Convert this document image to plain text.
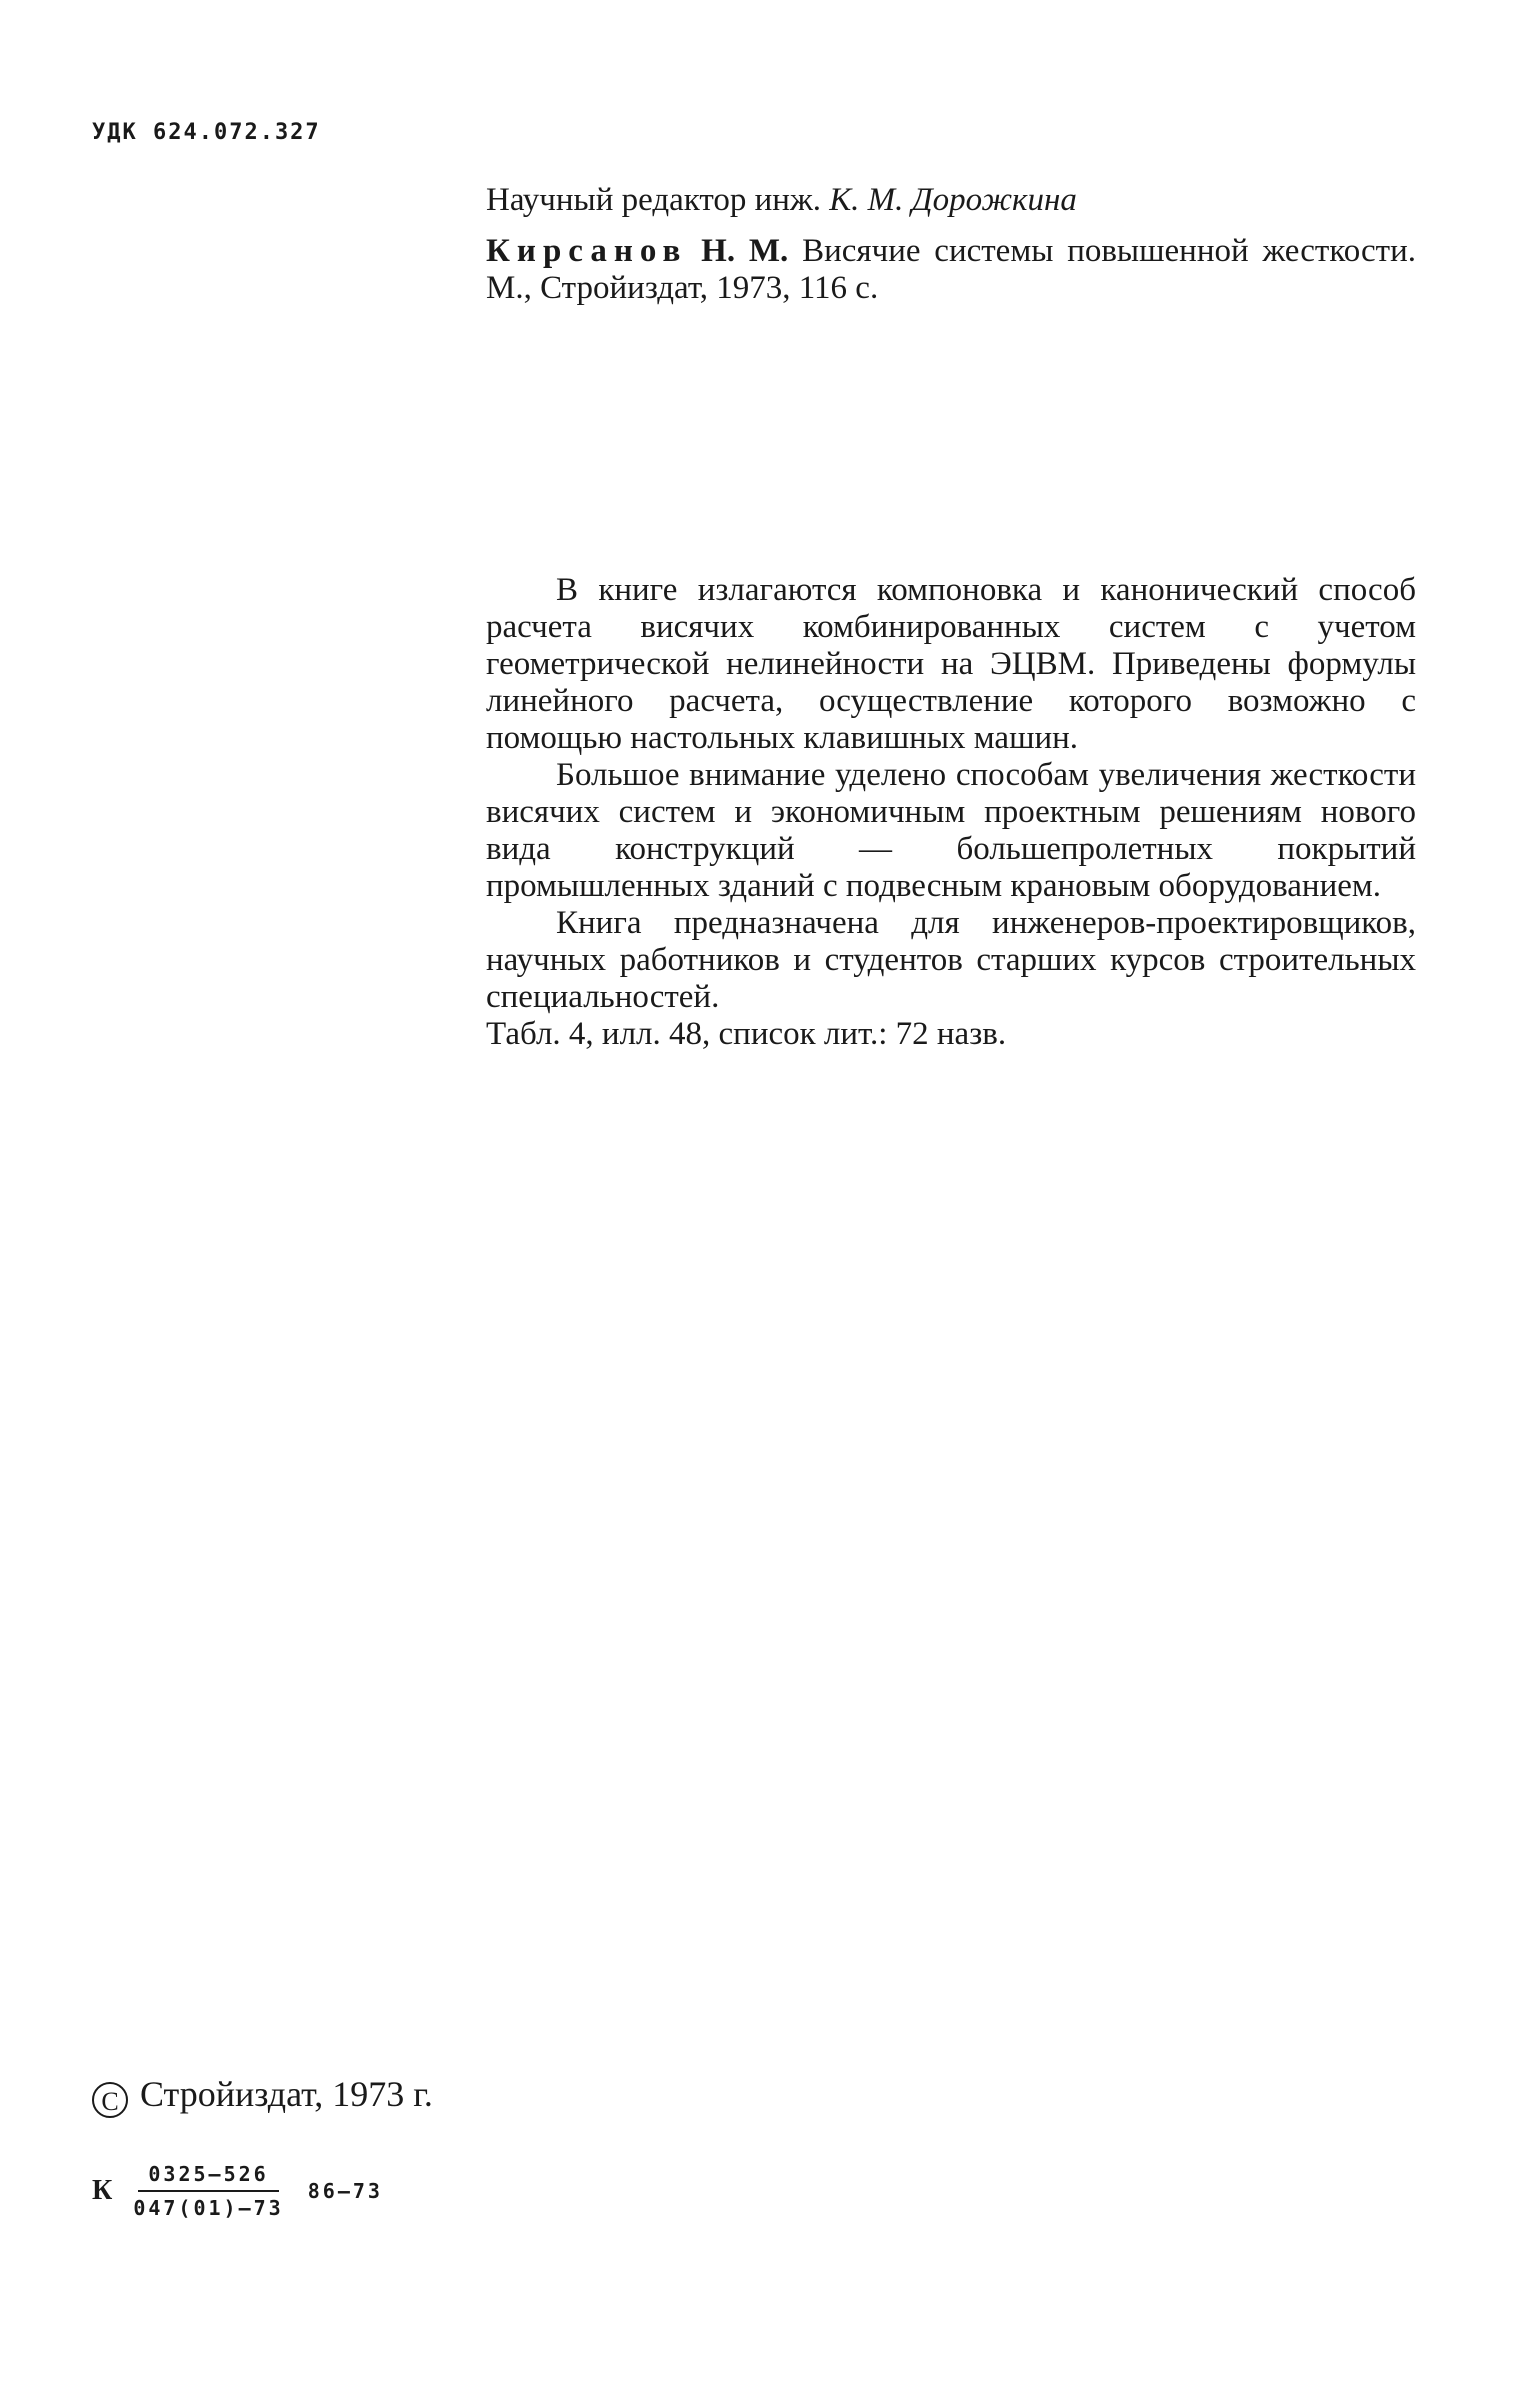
УДК 624.072.327
Научный редактор инж. К. М. Дорожкина
Кирсанов Н. М. Висячие системы повышенной жесткости. М., Стройиздат, 1973, 116 с.

В книге излагаются компоновка и канонический способ расчета висячих комбинированных систем с учетом геометрической нелинейности на ЭЦВМ. Приведены формулы линейного расчета, осуществление которого возможно с помощью настольных клавишных машин.

Большое внимание уделено способам увеличения жесткости висячих систем и экономичным проектным решениям нового вида конструкций — большепролетных покрытий промышленных зданий с подвесным крановым оборудованием.

Книга предназначена для инженеров-проектировщиков, научных работников и студентов старших курсов строительных специальностей.

Табл. 4, илл. 48, список лит.: 72 назв.

C Стройиздат, 1973 г.
К $\frac{0325—526}{047(01)—73}$ 86—73
